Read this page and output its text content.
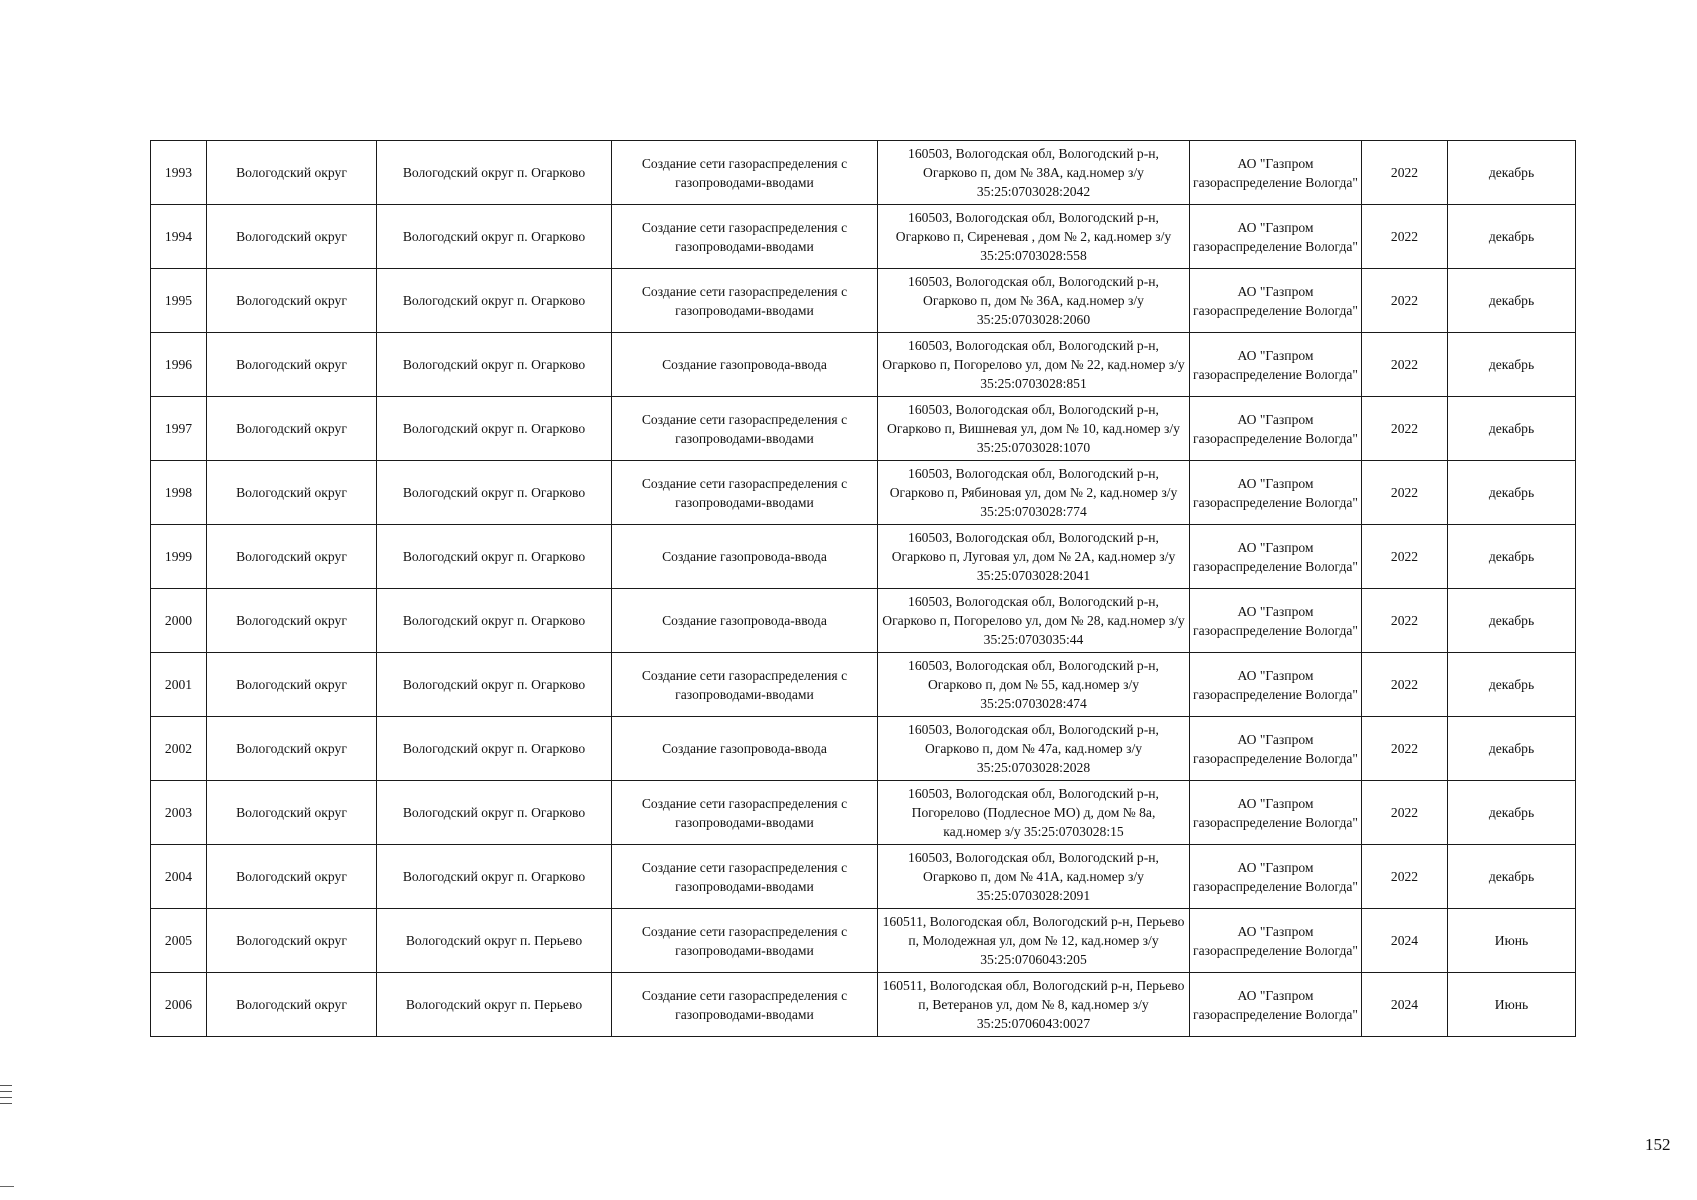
1993	Вологодский округ	Вологодский округ п. Огарково	Создание сети газораспределения с газопроводами-вводами	160503, Вологодская обл, Вологодский р-н, Огарково п, дом № 38А, кад.номер з/у 35:25:0703028:2042	АО "Газпром газораспределение Вологда"	2022	декабрь
1994	Вологодский округ	Вологодский округ п. Огарково	Создание сети газораспределения с газопроводами-вводами	160503, Вологодская обл, Вологодский р-н, Огарково п, Сиреневая , дом № 2, кад.номер з/у 35:25:0703028:558	АО "Газпром газораспределение Вологда"	2022	декабрь
1995	Вологодский округ	Вологодский округ п. Огарково	Создание сети газораспределения с газопроводами-вводами	160503, Вологодская обл, Вологодский р-н, Огарково п, дом № 36А, кад.номер з/у 35:25:0703028:2060	АО "Газпром газораспределение Вологда"	2022	декабрь
1996	Вологодский округ	Вологодский округ п. Огарково	Создание газопровода-ввода	160503, Вологодская обл, Вологодский р-н, Огарково п, Погорелово ул, дом № 22, кад.номер з/у 35:25:0703028:851	АО "Газпром газораспределение Вологда"	2022	декабрь
1997	Вологодский округ	Вологодский округ п. Огарково	Создание сети газораспределения с газопроводами-вводами	160503, Вологодская обл, Вологодский р-н, Огарково п, Вишневая ул, дом № 10, кад.номер з/у 35:25:0703028:1070	АО "Газпром газораспределение Вологда"	2022	декабрь
1998	Вологодский округ	Вологодский округ п. Огарково	Создание сети газораспределения с газопроводами-вводами	160503, Вологодская обл, Вологодский р-н, Огарково п, Рябиновая ул, дом № 2, кад.номер з/у 35:25:0703028:774	АО "Газпром газораспределение Вологда"	2022	декабрь
1999	Вологодский округ	Вологодский округ п. Огарково	Создание газопровода-ввода	160503, Вологодская обл, Вологодский р-н, Огарково п, Луговая ул, дом № 2А, кад.номер з/у 35:25:0703028:2041	АО "Газпром газораспределение Вологда"	2022	декабрь
2000	Вологодский округ	Вологодский округ п. Огарково	Создание газопровода-ввода	160503, Вологодская обл, Вологодский р-н, Огарково п, Погорелово ул, дом № 28, кад.номер з/у 35:25:0703035:44	АО "Газпром газораспределение Вологда"	2022	декабрь
2001	Вологодский округ	Вологодский округ п. Огарково	Создание сети газораспределения с газопроводами-вводами	160503, Вологодская обл, Вологодский р-н, Огарково п, дом № 55, кад.номер з/у 35:25:0703028:474	АО "Газпром газораспределение Вологда"	2022	декабрь
2002	Вологодский округ	Вологодский округ п. Огарково	Создание газопровода-ввода	160503, Вологодская обл, Вологодский р-н, Огарково п, дом № 47а, кад.номер з/у 35:25:0703028:2028	АО "Газпром газораспределение Вологда"	2022	декабрь
2003	Вологодский округ	Вологодский округ п. Огарково	Создание сети газораспределения с газопроводами-вводами	160503, Вологодская обл, Вологодский р-н, Погорелово (Подлесное МО) д, дом № 8а, кад.номер з/у 35:25:0703028:15	АО "Газпром газораспределение Вологда"	2022	декабрь
2004	Вологодский округ	Вологодский округ п. Огарково	Создание сети газораспределения с газопроводами-вводами	160503, Вологодская обл, Вологодский р-н, Огарково п, дом № 41А, кад.номер з/у 35:25:0703028:2091	АО "Газпром газораспределение Вологда"	2022	декабрь
2005	Вологодский округ	Вологодский округ п. Перьево	Создание сети газораспределения с газопроводами-вводами	160511, Вологодская обл, Вологодский р-н, Перьево п, Молодежная ул, дом № 12, кад.номер з/у 35:25:0706043:205	АО "Газпром газораспределение Вологда"	2024	Июнь
2006	Вологодский округ	Вологодский округ п. Перьево	Создание сети газораспределения с газопроводами-вводами	160511, Вологодская обл, Вологодский р-н, Перьево п, Ветеранов ул, дом № 8, кад.номер з/у 35:25:0706043:0027	АО "Газпром газораспределение Вологда"	2024	Июнь
152
